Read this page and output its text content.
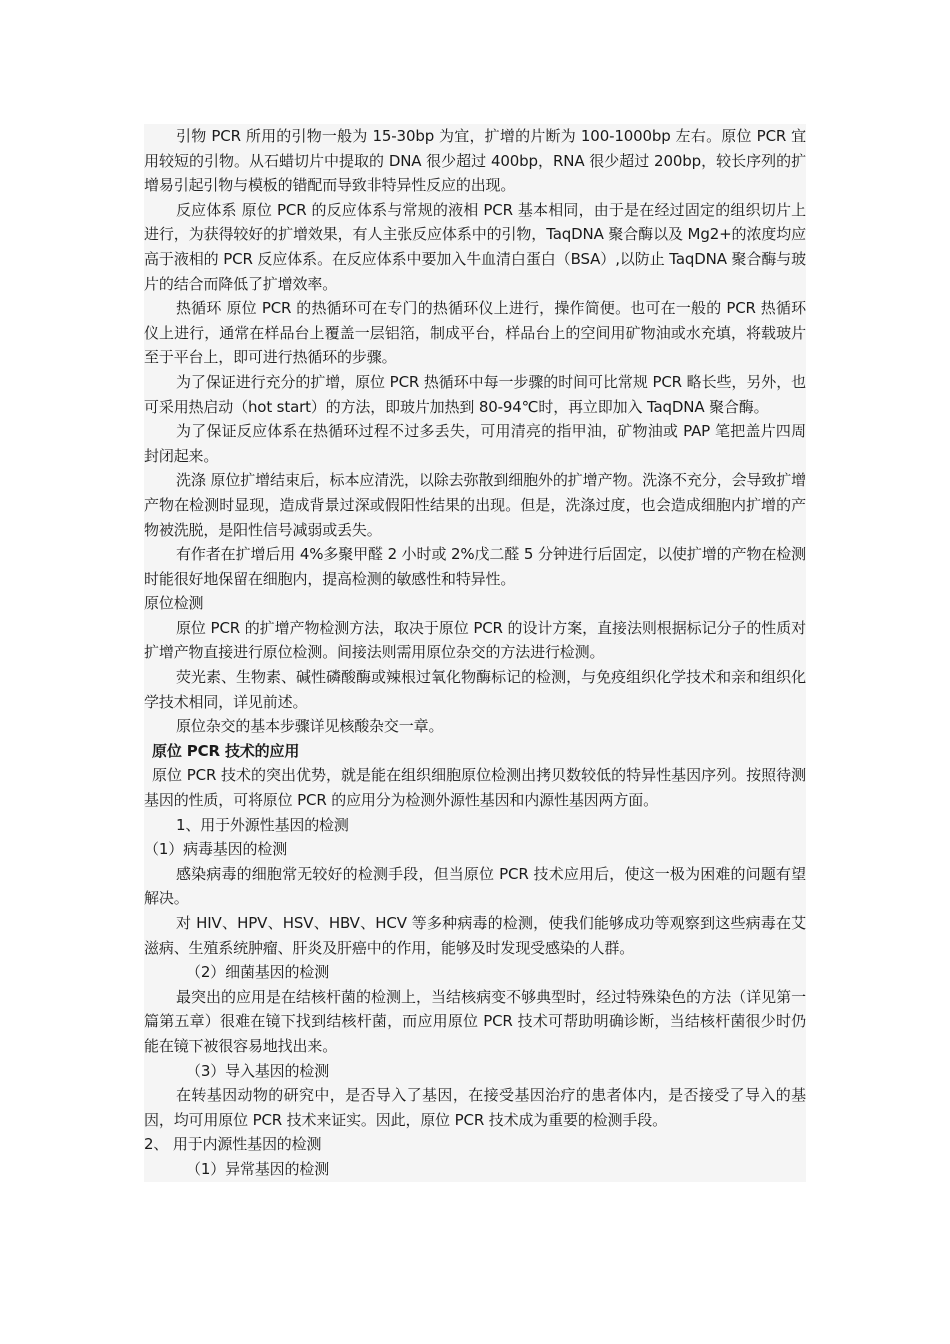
引物 PCR 所用的引物一般为 15-30bp 为宜，扩增的片断为 100-1000bp 左右。原位 PCR 宜用较短的引物。从石蜡切片中提取的 DNA 很少超过 400bp，RNA 很少超过 200bp，较长序列的扩增易引起引物与模板的错配而导致非特异性反应的出现。

反应体系 原位 PCR 的反应体系与常规的液相 PCR 基本相同，由于是在经过固定的组织切片上进行，为获得较好的扩增效果，有人主张反应体系中的引物，TaqDNA 聚合酶以及 Mg2+的浓度均应高于液相的 PCR 反应体系。在反应体系中要加入牛血清白蛋白（BSA）,以防止 TaqDNA 聚合酶与玻片的结合而降低了扩增效率。

热循环 原位 PCR 的热循环可在专门的热循环仪上进行，操作简便。也可在一般的 PCR 热循环仪上进行，通常在样品台上覆盖一层铝箔，制成平台，样品台上的空间用矿物油或水充填，将载玻片至于平台上，即可进行热循环的步骤。

为了保证进行充分的扩增，原位 PCR 热循环中每一步骤的时间可比常规 PCR 略长些，另外，也可采用热启动（hot start）的方法，即玻片加热到 80-94℃时，再立即加入 TaqDNA 聚合酶。

为了保证反应体系在热循环过程不过多丢失，可用清亮的指甲油，矿物油或 PAP 笔把盖片四周封闭起来。

洗涤 原位扩增结束后，标本应清洗，以除去弥散到细胞外的扩增产物。洗涤不充分，会导致扩增产物在检测时显现，造成背景过深或假阳性结果的出现。但是，洗涤过度，也会造成细胞内扩增的产物被洗脱，是阳性信号减弱或丢失。

有作者在扩增后用 4%多聚甲醛 2 小时或 2%戊二醛 5 分钟进行后固定，以使扩增的产物在检测时能很好地保留在细胞内，提高检测的敏感性和特异性。

原位检测

原位 PCR 的扩增产物检测方法，取决于原位 PCR 的设计方案，直接法则根据标记分子的性质对扩增产物直接进行原位检测。间接法则需用原位杂交的方法进行检测。

荧光素、生物素、碱性磷酸酶或辣根过氧化物酶标记的检测，与免疫组织化学技术和亲和组织化学技术相同，详见前述。

原位杂交的基本步骤详见核酸杂交一章。

原位 PCR 技术的应用

原位 PCR 技术的突出优势，就是能在组织细胞原位检测出拷贝数较低的特异性基因序列。按照待测基因的性质，可将原位 PCR 的应用分为检测外源性基因和内源性基因两方面。

1、用于外源性基因的检测

（1）病毒基因的检测

感染病毒的细胞常无较好的检测手段，但当原位 PCR 技术应用后，使这一极为困难的问题有望解决。

对 HIV、HPV、HSV、HBV、HCV 等多种病毒的检测，使我们能够成功等观察到这些病毒在艾滋病、生殖系统肿瘤、肝炎及肝癌中的作用，能够及时发现受感染的人群。

（2）细菌基因的检测

最突出的应用是在结核杆菌的检测上，当结核病变不够典型时，经过特殊染色的方法（详见第一篇第五章）很难在镜下找到结核杆菌，而应用原位 PCR 技术可帮助明确诊断，当结核杆菌很少时仍能在镜下被很容易地找出来。

（3）导入基因的检测

在转基因动物的研究中，是否导入了基因，在接受基因治疗的患者体内，是否接受了导入的基因，均可用原位 PCR 技术来证实。因此，原位 PCR 技术成为重要的检测手段。

2、 用于内源性基因的检测

（1）异常基因的检测
